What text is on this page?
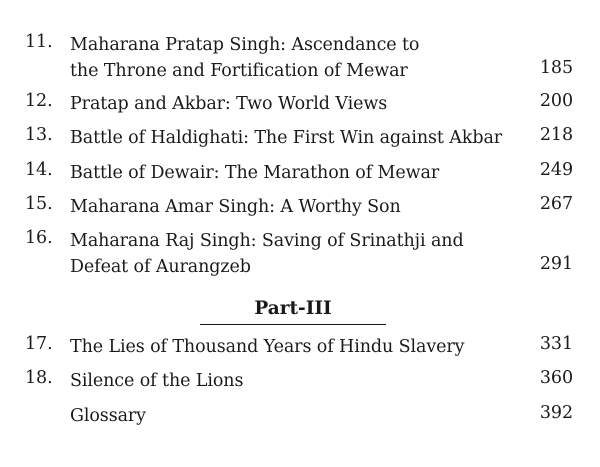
11. Maharana Pratap Singh: Ascendance to
the Throne and Fortification of Mewar	185
12. Pratap and Akbar: Two World Views	200
13. Battle of Haldighati: The First Win against Akbar	218
14. Battle of Dewair: The Marathon of Mewar	249
15. Maharana Amar Singh: A Worthy Son	267
16. Maharana Raj Singh: Saving of Srinathji and
Defeat of Aurangzeb	291
Part-III
17. The Lies of Thousand Years of Hindu Slavery	331
18. Silence of the Lions	360
Glossary	392
